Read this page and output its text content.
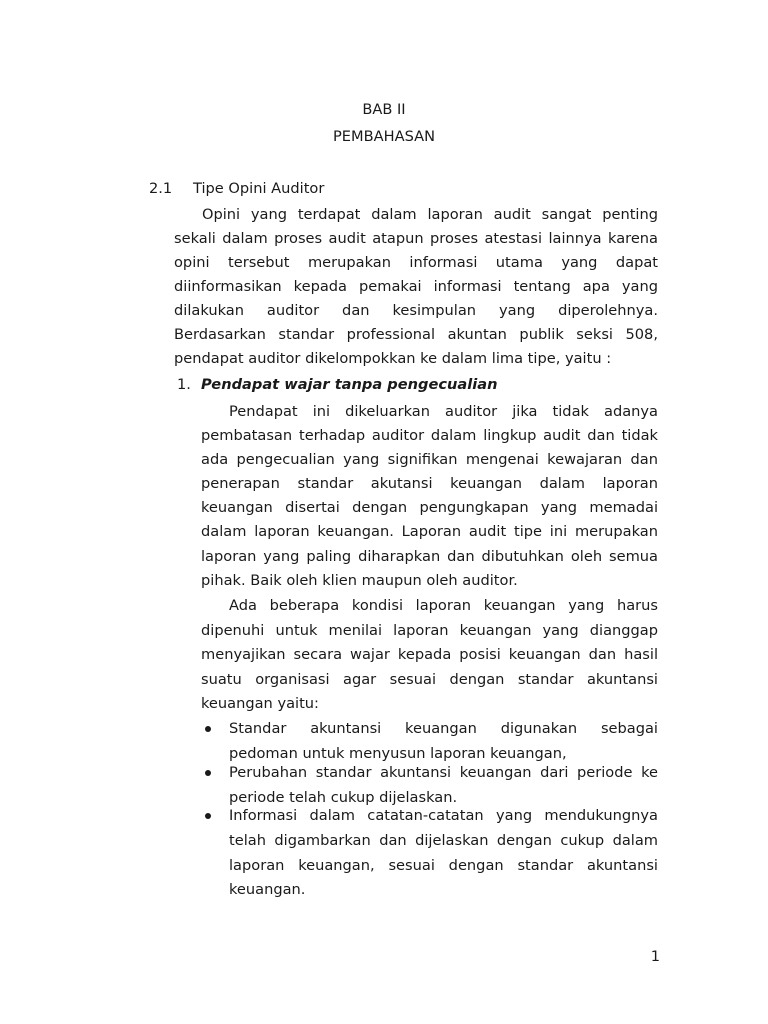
BAB II
PEMBAHASAN
2.1 Tipe Opini Auditor
Opini yang terdapat dalam laporan audit sangat penting
sekali dalam proses audit atapun proses atestasi lainnya karena
opini tersebut merupakan informasi utama yang dapat
diinformasikan kepada pemakai informasi tentang apa yang
dilakukan auditor dan kesimpulan yang diperolehnya.
Berdasarkan standar professional akuntan publik seksi 508,
pendapat auditor dikelompokkan ke dalam lima tipe, yaitu :
1. Pendapat wajar tanpa pengecualian
Pendapat ini dikeluarkan auditor jika tidak adanya
pembatasan terhadap auditor dalam lingkup audit dan tidak
ada pengecualian yang signifikan mengenai kewajaran dan
penerapan standar akutansi keuangan dalam laporan
keuangan disertai dengan pengungkapan yang memadai
dalam laporan keuangan. Laporan audit tipe ini merupakan
laporan yang paling diharapkan dan dibutuhkan oleh semua
pihak. Baik oleh klien maupun oleh auditor.
Ada beberapa kondisi laporan keuangan yang harus
dipenuhi untuk menilai laporan keuangan yang dianggap
menyajikan secara wajar kepada posisi keuangan dan hasil
suatu organisasi agar sesuai dengan standar akuntansi
keuangan yaitu:
Standar akuntansi keuangan digunakan sebagai
pedoman untuk menyusun laporan keuangan,
Perubahan standar akuntansi keuangan dari periode ke
periode telah cukup dijelaskan.
Informasi dalam catatan-catatan yang mendukungnya
telah digambarkan dan dijelaskan dengan cukup dalam
laporan keuangan, sesuai dengan standar akuntansi
keuangan.
1
